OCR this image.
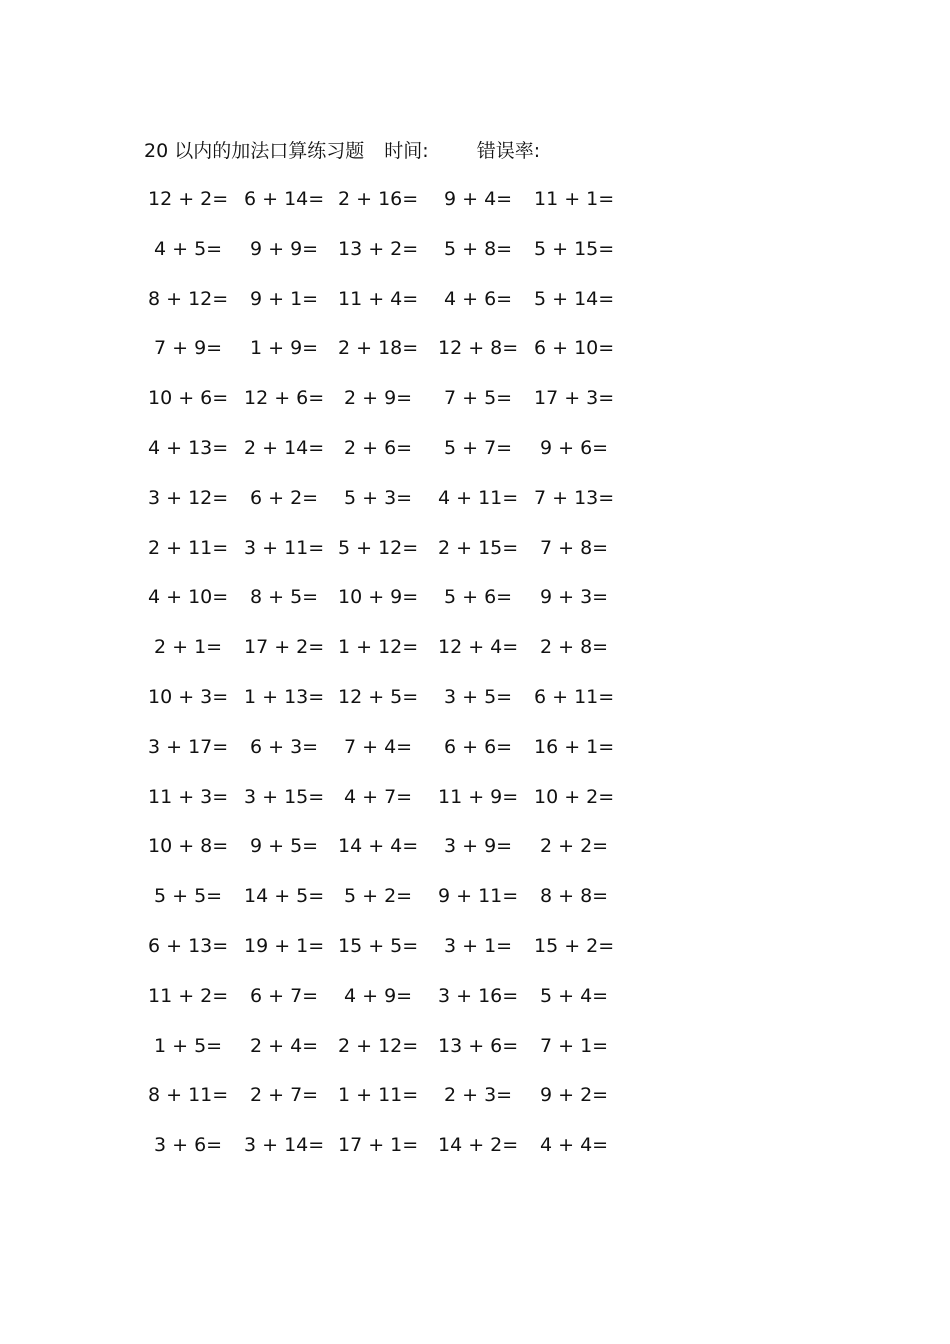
20 以内的加法口算练习题 时间:	错误率:
12 + 2= 6 + 14= 2 + 16= 9 + 4= 11 + 1=
4 + 5= 9 + 9= 13 + 2= 5 + 8= 5 + 15=
8 + 12= 9 + 1= 11 + 4= 4 + 6= 5 + 14=
7 + 9= 1 + 9= 2 + 18= 12 + 8= 6 + 10=
10 + 6= 12 + 6= 2 + 9= 7 + 5= 17 + 3=
4 + 13= 2 + 14= 2 + 6= 5 + 7= 9 + 6=
3 + 12= 6 + 2= 5 + 3= 4 + 11= 7 + 13=
2 + 11= 3 + 11= 5 + 12= 2 + 15= 7 + 8=
4 + 10= 8 + 5= 10 + 9= 5 + 6= 9 + 3=
2 + 1= 17 + 2= 1 + 12= 12 + 4= 2 + 8=
10 + 3= 1 + 13= 12 + 5= 3 + 5= 6 + 11=
3 + 17= 6 + 3= 7 + 4= 6 + 6= 16 + 1=
11 + 3= 3 + 15= 4 + 7= 11 + 9= 10 + 2=
10 + 8= 9 + 5= 14 + 4= 3 + 9= 2 + 2=
5 + 5= 14 + 5= 5 + 2= 9 + 11= 8 + 8=
6 + 13= 19 + 1= 15 + 5= 3 + 1= 15 + 2=
11 + 2= 6 + 7= 4 + 9= 3 + 16= 5 + 4=
1 + 5= 2 + 4= 2 + 12= 13 + 6= 7 + 1=
8 + 11= 2 + 7= 1 + 11= 2 + 3= 9 + 2=
3 + 6= 3 + 14= 17 + 1= 14 + 2= 4 + 4=
